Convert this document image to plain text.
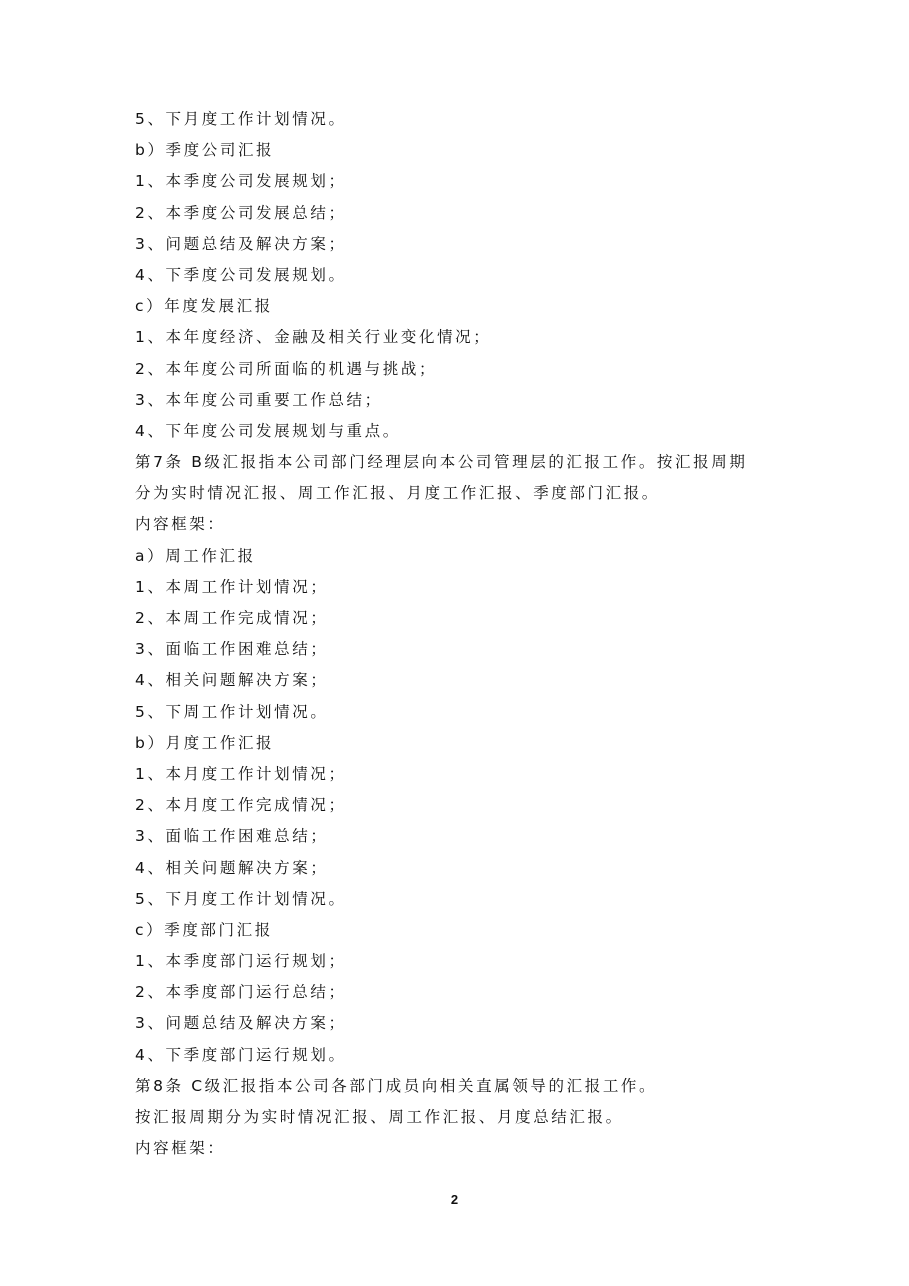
5、下月度工作计划情况。
b）季度公司汇报
1、本季度公司发展规划；
2、本季度公司发展总结；
3、问题总结及解决方案；
4、下季度公司发展规划。
c）年度发展汇报
1、本年度经济、金融及相关行业变化情况；
2、本年度公司所面临的机遇与挑战；
3、本年度公司重要工作总结；
4、下年度公司发展规划与重点。
第7条 B级汇报指本公司部门经理层向本公司管理层的汇报工作。按汇报周期
分为实时情况汇报、周工作汇报、月度工作汇报、季度部门汇报。
内容框架：
a）周工作汇报
1、本周工作计划情况；
2、本周工作完成情况；
3、面临工作困难总结；
4、相关问题解决方案；
5、下周工作计划情况。
b）月度工作汇报
1、本月度工作计划情况；
2、本月度工作完成情况；
3、面临工作困难总结；
4、相关问题解决方案；
5、下月度工作计划情况。
c）季度部门汇报
1、本季度部门运行规划；
2、本季度部门运行总结；
3、问题总结及解决方案；
4、下季度部门运行规划。
第8条 C级汇报指本公司各部门成员向相关直属领导的汇报工作。
按汇报周期分为实时情况汇报、周工作汇报、月度总结汇报。
内容框架：
2
